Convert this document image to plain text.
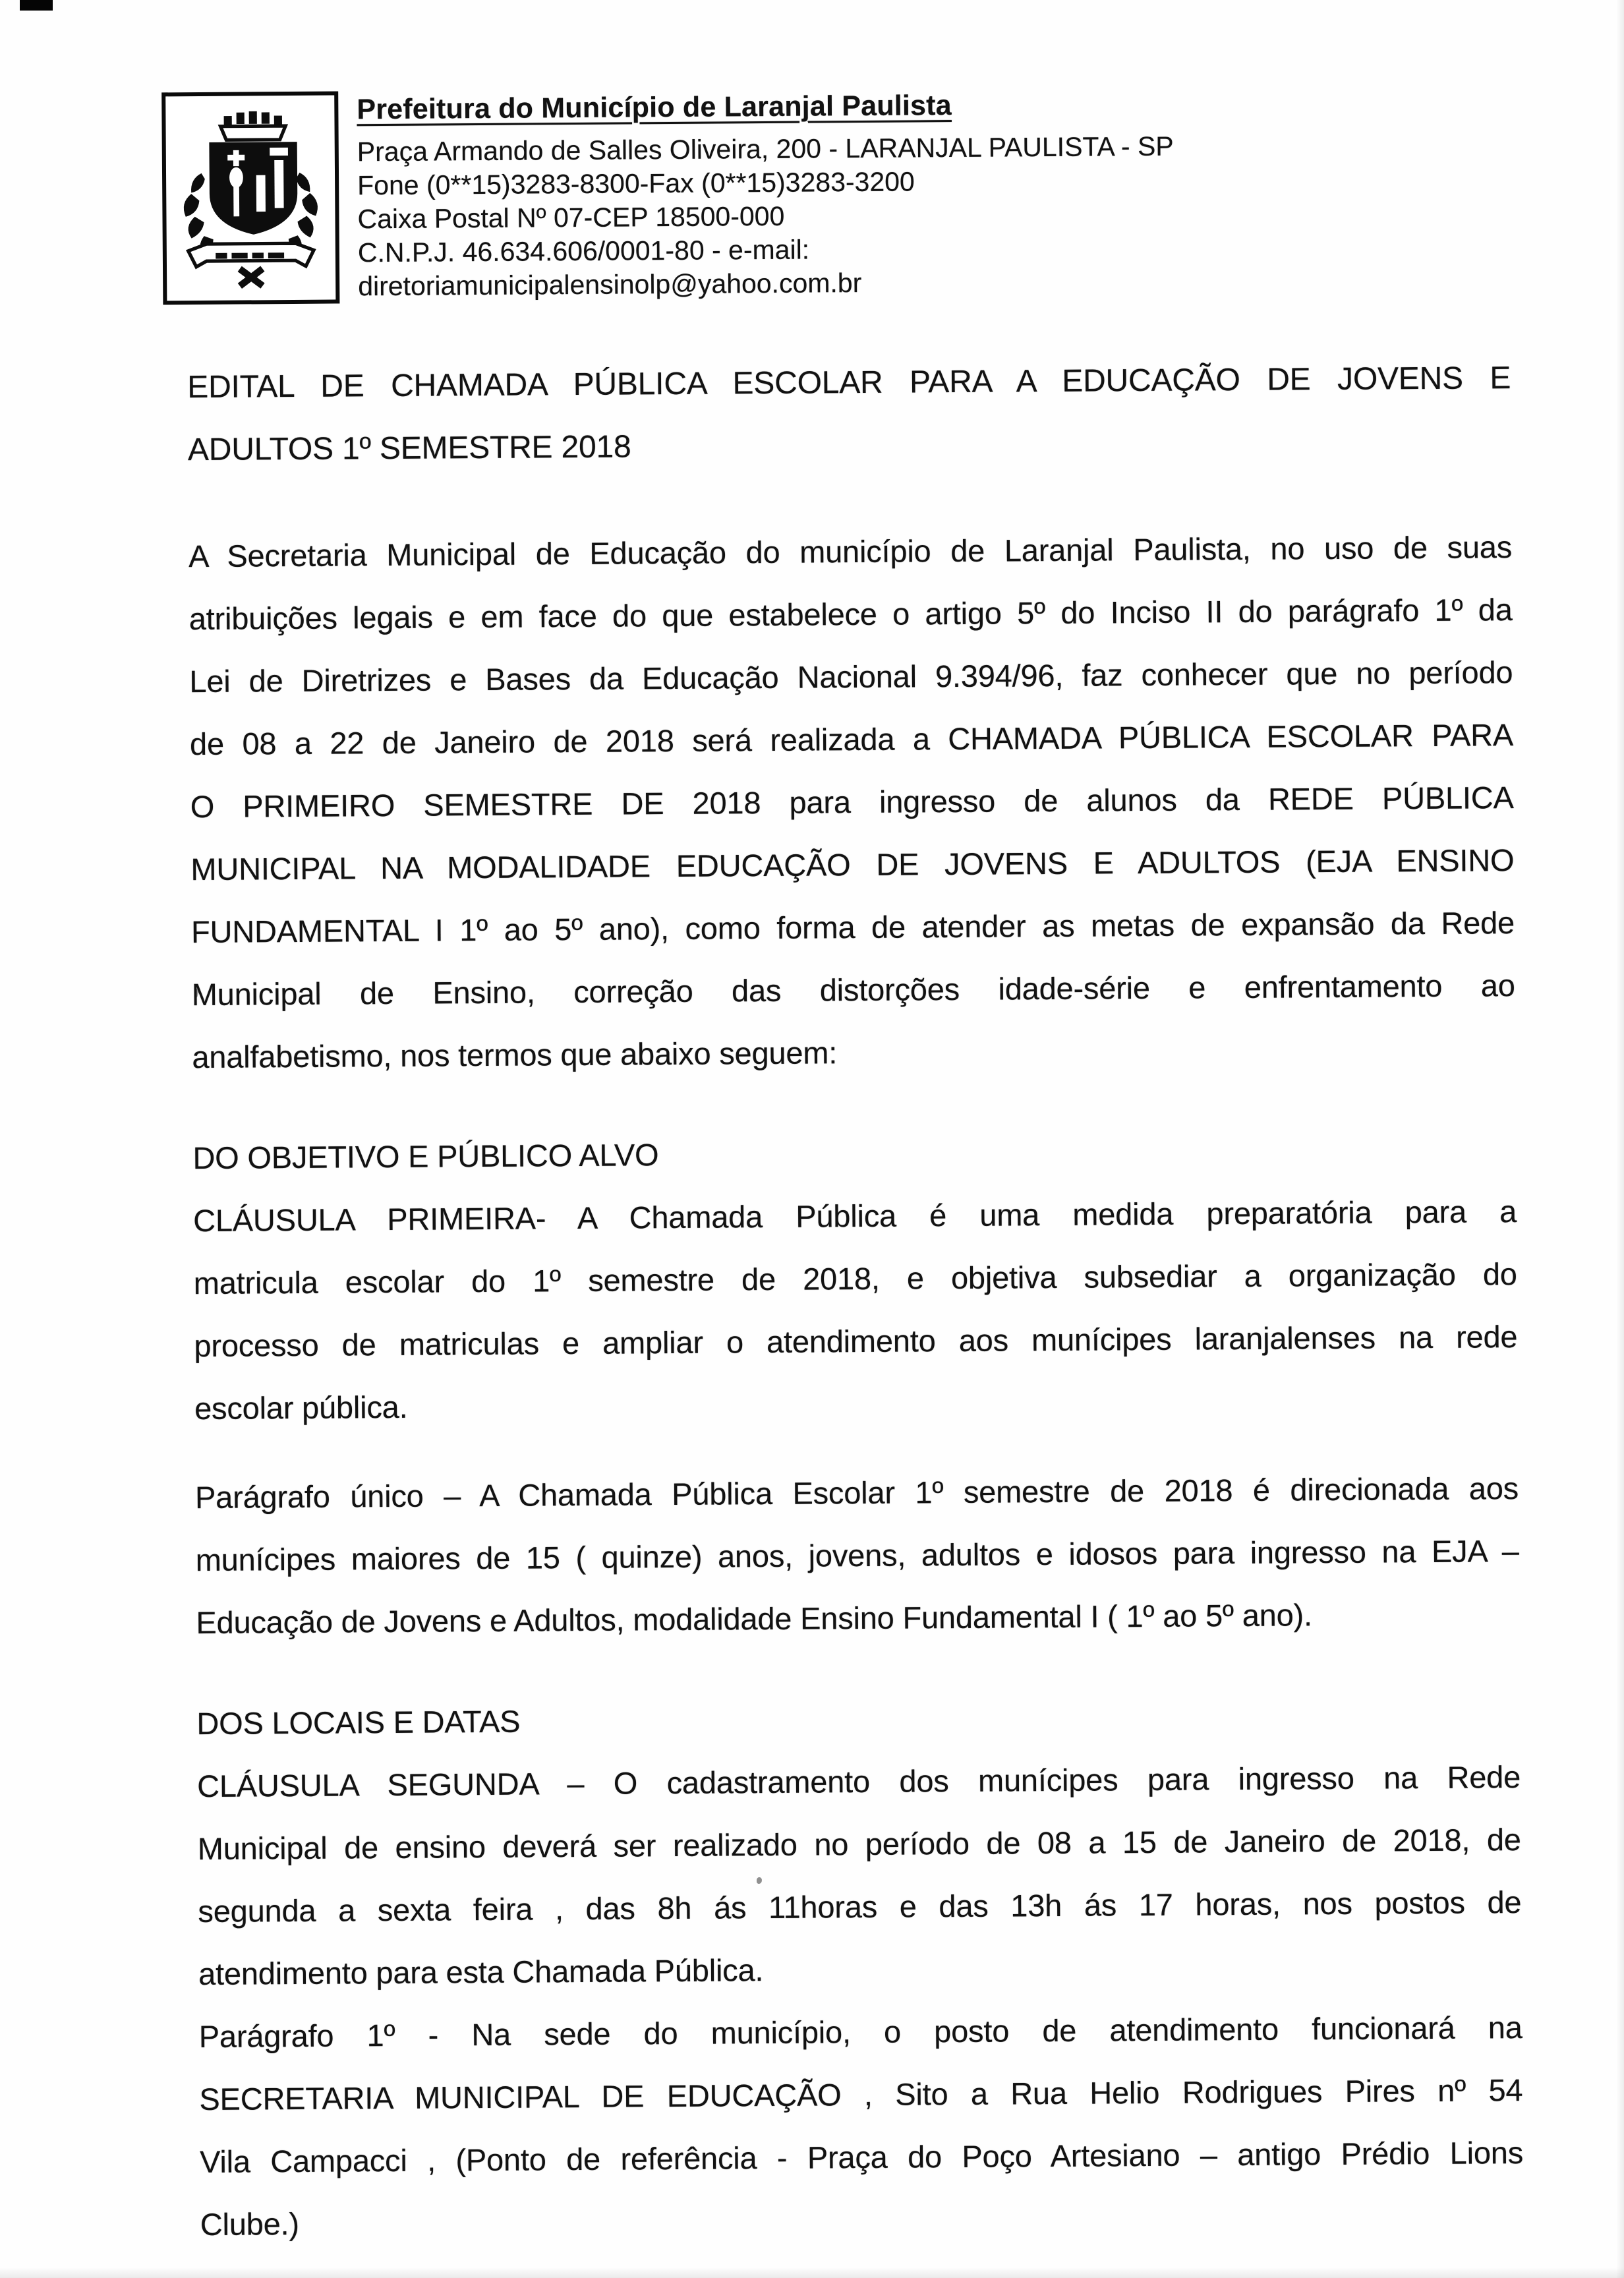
Prefeitura do Município de Laranjal Paulista
Praça Armando de Salles Oliveira, 200 - LARANJAL PAULISTA - SP
Fone (0**15)3283-8300-Fax (0**15)3283-3200
Caixa Postal Nº 07-CEP 18500-000
C.N.P.J. 46.634.606/0001-80 - e-mail:
diretoriamunicipalensinolp@yahoo.com.br
EDITAL DE CHAMADA PÚBLICA ESCOLAR PARA A EDUCAÇÃO DE JOVENS E
ADULTOS 1º SEMESTRE 2018
A Secretaria Municipal de Educação do município de Laranjal Paulista, no uso de suas
atribuições legais e em face do que estabelece o artigo 5º do Inciso II do parágrafo 1º da
Lei de Diretrizes e Bases da Educação Nacional 9.394/96, faz conhecer que no período
de 08 a 22 de Janeiro de 2018 será realizada a CHAMADA PÚBLICA ESCOLAR PARA
O PRIMEIRO SEMESTRE DE 2018 para ingresso de alunos da REDE PÚBLICA
MUNICIPAL NA MODALIDADE EDUCAÇÃO DE JOVENS E ADULTOS (EJA ENSINO
FUNDAMENTAL I 1º ao 5º ano), como forma de atender as metas de expansão da Rede
Municipal de Ensino, correção das distorções idade-série e enfrentamento ao
analfabetismo, nos termos que abaixo seguem:
DO OBJETIVO E PÚBLICO ALVO
CLÁUSULA PRIMEIRA- A Chamada Pública é uma medida preparatória para a
matricula escolar do 1º semestre de 2018, e objetiva subsediar a organização do
processo de matriculas e ampliar o atendimento aos munícipes laranjalenses na rede
escolar pública.
Parágrafo único – A Chamada Pública Escolar 1º semestre de 2018 é direcionada aos
munícipes maiores de 15 ( quinze) anos, jovens, adultos e idosos para ingresso na EJA –
Educação de Jovens e Adultos, modalidade Ensino Fundamental I ( 1º ao 5º ano).
DOS LOCAIS E DATAS
CLÁUSULA SEGUNDA – O cadastramento dos munícipes para ingresso na Rede
Municipal de ensino deverá ser realizado no período de 08 a 15 de Janeiro de 2018, de
segunda a sexta feira , das 8h ás 11horas e das 13h ás 17 horas, nos postos de
atendimento para esta Chamada Pública.
Parágrafo 1º - Na sede do município, o posto de atendimento funcionará na
SECRETARIA MUNICIPAL DE EDUCAÇÃO , Sito a Rua Helio Rodrigues Pires nº 54
Vila Campacci , (Ponto de referência - Praça do Poço Artesiano – antigo Prédio Lions
Clube.)
